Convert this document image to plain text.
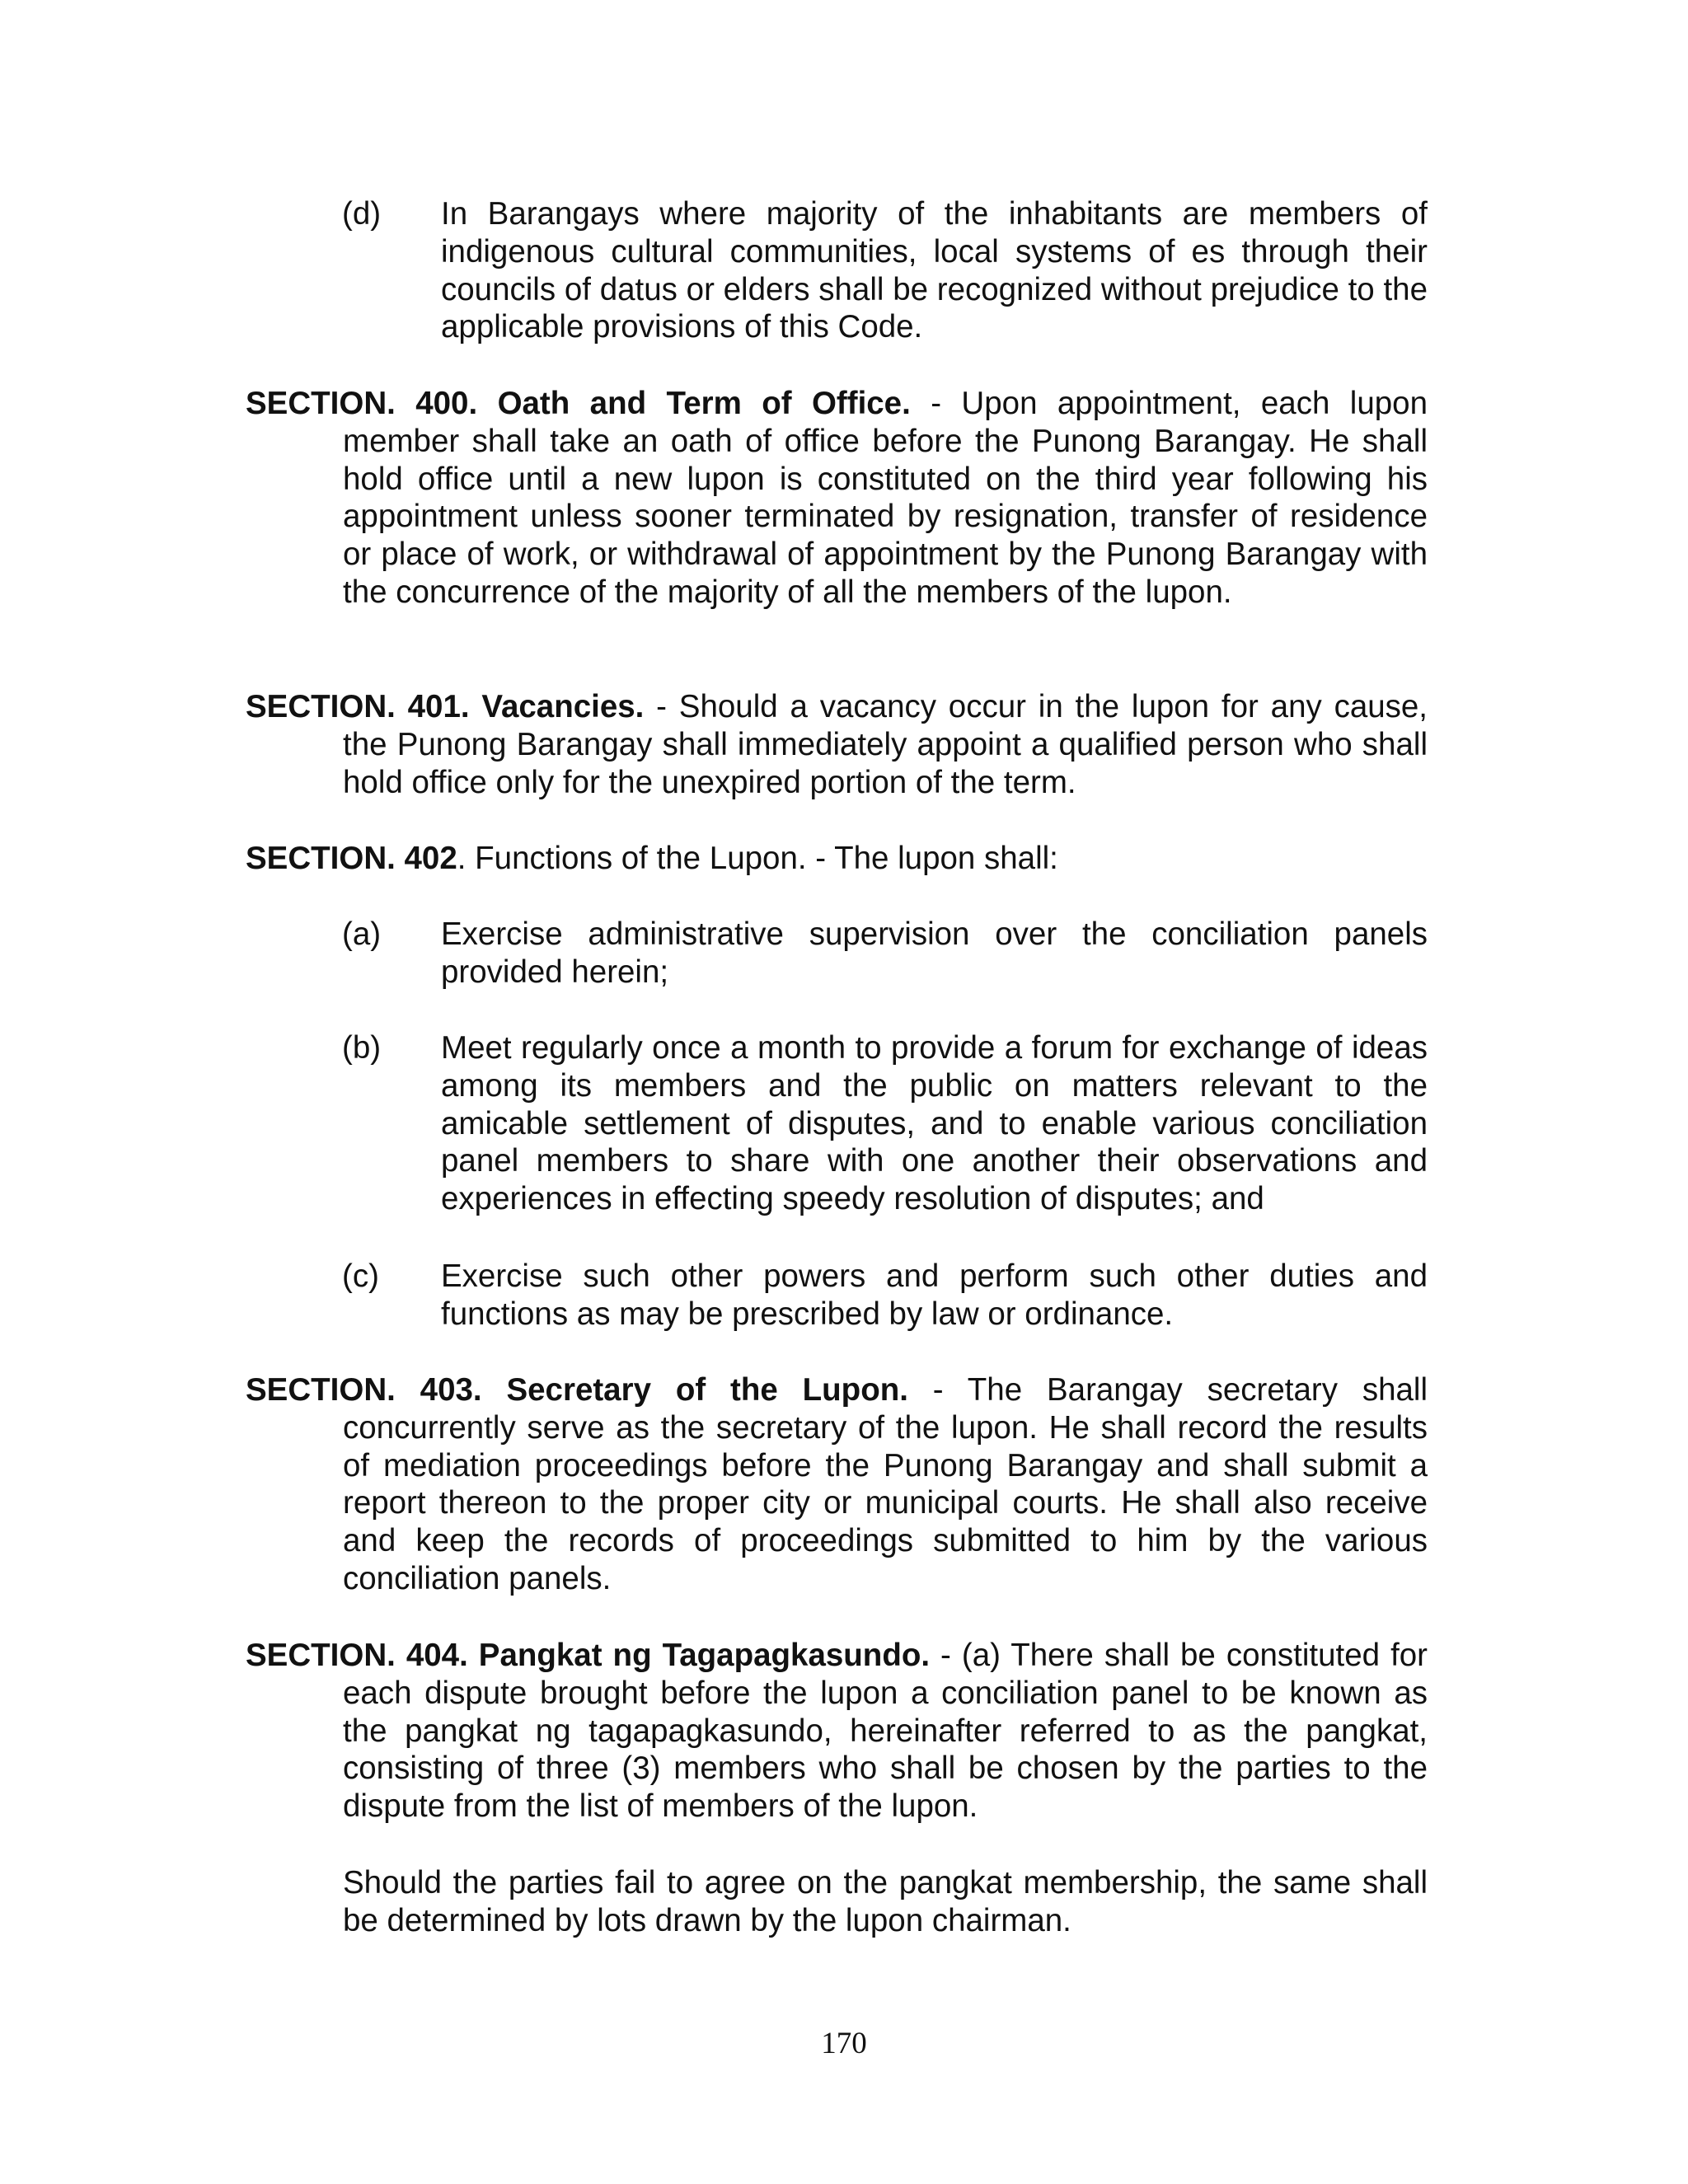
(d) In Barangays where majority of the inhabitants are members of indigenous cultural communities, local systems of es through their councils of datus or elders shall be recognized without prejudice to the applicable provisions of this Code.
SECTION. 400. Oath and Term of Office. - Upon appointment, each lupon member shall take an oath of office before the Punong Barangay. He shall hold office until a new lupon is constituted on the third year following his appointment unless sooner terminated by resignation, transfer of residence or place of work, or withdrawal of appointment by the Punong Barangay with the concurrence of the majority of all the members of the lupon.
SECTION. 401. Vacancies. - Should a vacancy occur in the lupon for any cause, the Punong Barangay shall immediately appoint a qualified person who shall hold office only for the unexpired portion of the term.
SECTION. 402. Functions of the Lupon. - The lupon shall:
(a) Exercise administrative supervision over the conciliation panels provided herein;
(b) Meet regularly once a month to provide a forum for exchange of ideas among its members and the public on matters relevant to the amicable settlement of disputes, and to enable various conciliation panel members to share with one another their observations and experiences in effecting speedy resolution of disputes; and
(c) Exercise such other powers and perform such other duties and functions as may be prescribed by law or ordinance.
SECTION. 403. Secretary of the Lupon. - The Barangay secretary shall concurrently serve as the secretary of the lupon. He shall record the results of mediation proceedings before the Punong Barangay and shall submit a report thereon to the proper city or municipal courts. He shall also receive and keep the records of proceedings submitted to him by the various conciliation panels.
SECTION. 404. Pangkat ng Tagapagkasundo. - (a) There shall be constituted for each dispute brought before the lupon a conciliation panel to be known as the pangkat ng tagapagkasundo, hereinafter referred to as the pangkat, consisting of three (3) members who shall be chosen by the parties to the dispute from the list of members of the lupon.
Should the parties fail to agree on the pangkat membership, the same shall be determined by lots drawn by the lupon chairman.
170
